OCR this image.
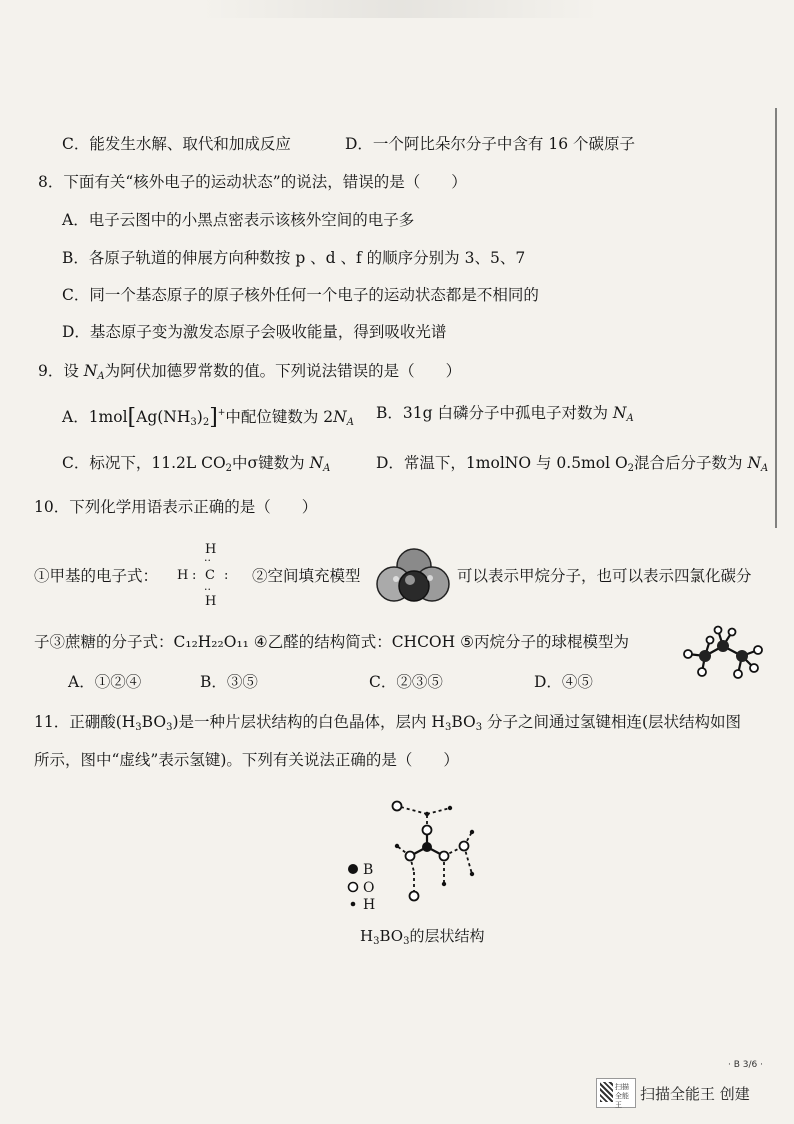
C．能发生水解、取代和加成反应	D．一个阿比朵尔分子中含有 16 个碳原子
8．下面有关“核外电子的运动状态”的说法，错误的是（　　）
A．电子云图中的小黑点密表示该核外空间的电子多
B．各原子轨道的伸展方向种数按 p 、d 、f 的顺序分别为 3、5、7
C．同一个基态原子的原子核外任何一个电子的运动状态都是不相同的
D．基态原子变为激发态原子会吸收能量，得到吸收光谱
9．设 $N_A$为阿伏加德罗常数的值。下列说法错误的是（　　）
A．$1mol[Ag(NH_3)_2]^+$中配位键数为 $2N_A$
B．31g 白磷分子中孤电子对数为 $N_A$
C．标况下，11.2L $CO_2$中σ键数为 $N_A$	D．常温下，1molNO 与 0.5mol $O_2$混合后分子数为 $N_A$
10．下列化学用语表示正确的是（　　）
①甲基的电子式：
H
H : C :
··
··
H
②空间填充模型	可以表示甲烷分子，也可以表示四氯化碳分
子③蔗糖的分子式：C₁₂H₂₂O₁₁ ④乙醛的结构简式：CHCOH ⑤丙烷分子的球棍模型为
A．①②④	B．③⑤	C．②③⑤	D．④⑤
11．正硼酸$(H_3BO_3)$是一种片层状结构的白色晶体，层内 $H_3BO_3$ 分子之间通过氢键相连(层状结构如图
所示，图中“虚线”表示氢键)。下列有关说法正确的是（　　）
B
O
H
$H_3BO_3$的层状结构
· B 3/6 ·
扫描全能王
扫描全能王 创建
